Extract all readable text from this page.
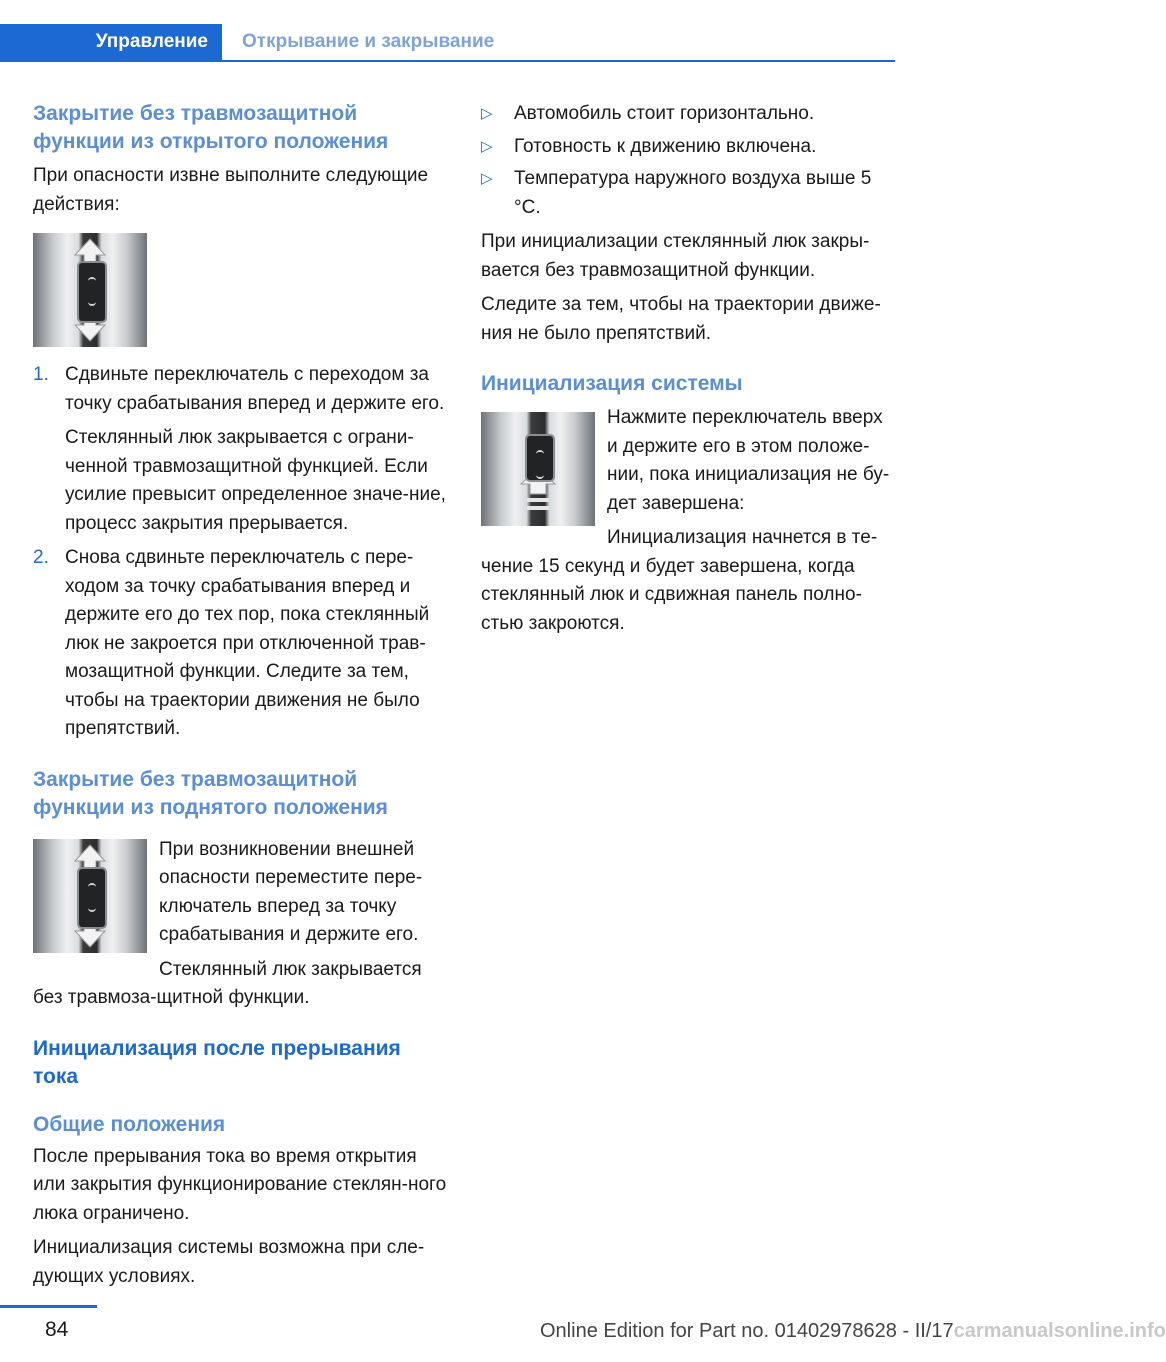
Управление Открывание и закрывание
Закрытие без травмозащитной функции из открытого положения

При опасности извне выполните следующие действия:

1. Сдвиньте переключатель с переходом за точку срабатывания вперед и держите его.

Стеклянный люк закрывается с ограни‐ченной травмозащитной функцией. Если усилие превысит определенное значе‐ние, процесс закрытия прерывается.

2. Снова сдвиньте переключатель с пере‐ходом за точку срабатывания вперед и держите его до тех пор, пока стеклянный люк не закроется при отключенной трав‐мозащитной функции. Следите за тем, чтобы на траектории движения не было препятствий.

Закрытие без травмозащитной функции из поднятого положения

При возникновении внешней опасности переместите пере‐ключатель вперед за точку срабатывания и держите его.

Стеклянный люк закрывается без травмоза‐щитной функции.

Инициализация после прерывания тока
Общие положения

После прерывания тока во время открытия или закрытия функционирование стеклян‐ного люка ограничено.

Инициализация системы возможна при сле‐дующих условиях.

▷ Автомобиль стоит горизонтально.
▷ Готовность к движению включена.
▷ Температура наружного воздуха выше 5 °C.

При инициализации стеклянный люк закры‐вается без травмозащитной функции.

Следите за тем, чтобы на траектории движе‐ния не было препятствий.

Инициализация системы

Нажмите переключатель вверх и держите его в этом положе‐нии, пока инициализация не бу‐дет завершена:

Инициализация начнется в те‐чение 15 секунд и будет завершена, когда стеклянный люк и сдвижная панель полно‐стью закроются.

84	Online Edition for Part no. 01402978628 - II/17carmanualsonline.info
